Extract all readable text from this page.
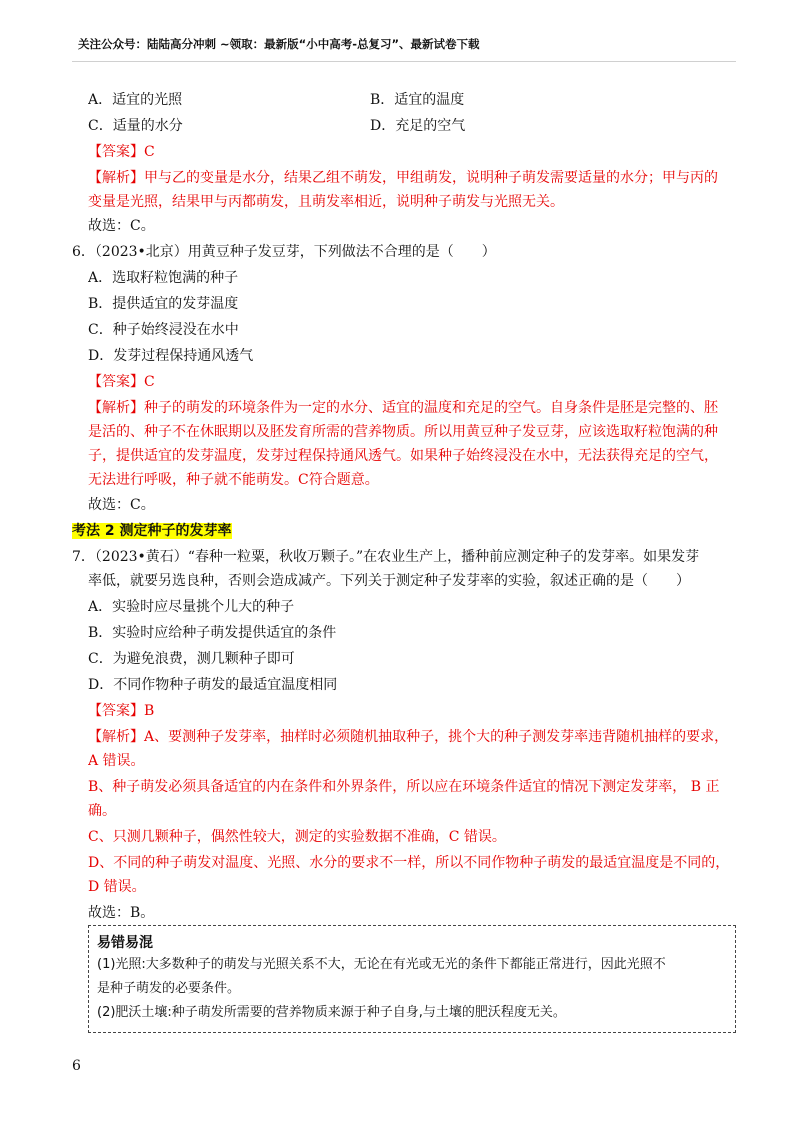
关注公众号：陆陆高分冲刺 ~领取：最新版“小中高考-总复习”、最新试卷下载
A．适宜的光照	B．适宜的温度
C．适量的水分	D．充足的空气
【答案】C
【解析】甲与乙的变量是水分，结果乙组不萌发，甲组萌发，说明种子萌发需要适量的水分；甲与丙的
变量是光照，结果甲与丙都萌发，且萌发率相近，说明种子萌发与光照无关。
故选：C。
6．（2023•北京）用黄豆种子发豆芽，下列做法不合理的是（　　）
A．选取籽粒饱满的种子
B．提供适宜的发芽温度
C．种子始终浸没在水中
D．发芽过程保持通风透气
【答案】C
【解析】种子的萌发的环境条件为一定的水分、适宜的温度和充足的空气。自身条件是胚是完整的、胚
是活的、种子不在休眠期以及胚发育所需的营养物质。所以用黄豆种子发豆芽，应该选取籽粒饱满的种
子，提供适宜的发芽温度，发芽过程保持通风透气。如果种子始终浸没在水中，无法获得充足的空气，
无法进行呼吸，种子就不能萌发。C符合题意。
故选：C。
考法 2 测定种子的发芽率
7．（2023•黄石）“春种一粒粟，秋收万颗子。”在农业生产上，播种前应测定种子的发芽率。如果发芽
率低，就要另选良种，否则会造成减产。下列关于测定种子发芽率的实验，叙述正确的是（　　）
A．实验时应尽量挑个儿大的种子
B．实验时应给种子萌发提供适宜的条件
C．为避免浪费，测几颗种子即可
D．不同作物种子萌发的最适宜温度相同
【答案】B
【解析】A、要测种子发芽率，抽样时必须随机抽取种子，挑个大的种子测发芽率违背随机抽样的要求，
A 错误。
B、种子萌发必须具备适宜的内在条件和外界条件，所以应在环境条件适宜的情况下测定发芽率， B 正
确。
C、只测几颗种子，偶然性较大，测定的实验数据不准确，C 错误。
D、不同的种子萌发对温度、光照、水分的要求不一样，所以不同作物种子萌发的最适宜温度是不同的，
D 错误。
故选：B。
易错易混
(1)光照:大多数种子的萌发与光照关系不大，无论在有光或无光的条件下都能正常进行，因此光照不
是种子萌发的必要条件。
(2)肥沃土壤:种子萌发所需要的营养物质来源于种子自身,与土壤的肥沃程度无关。
6
